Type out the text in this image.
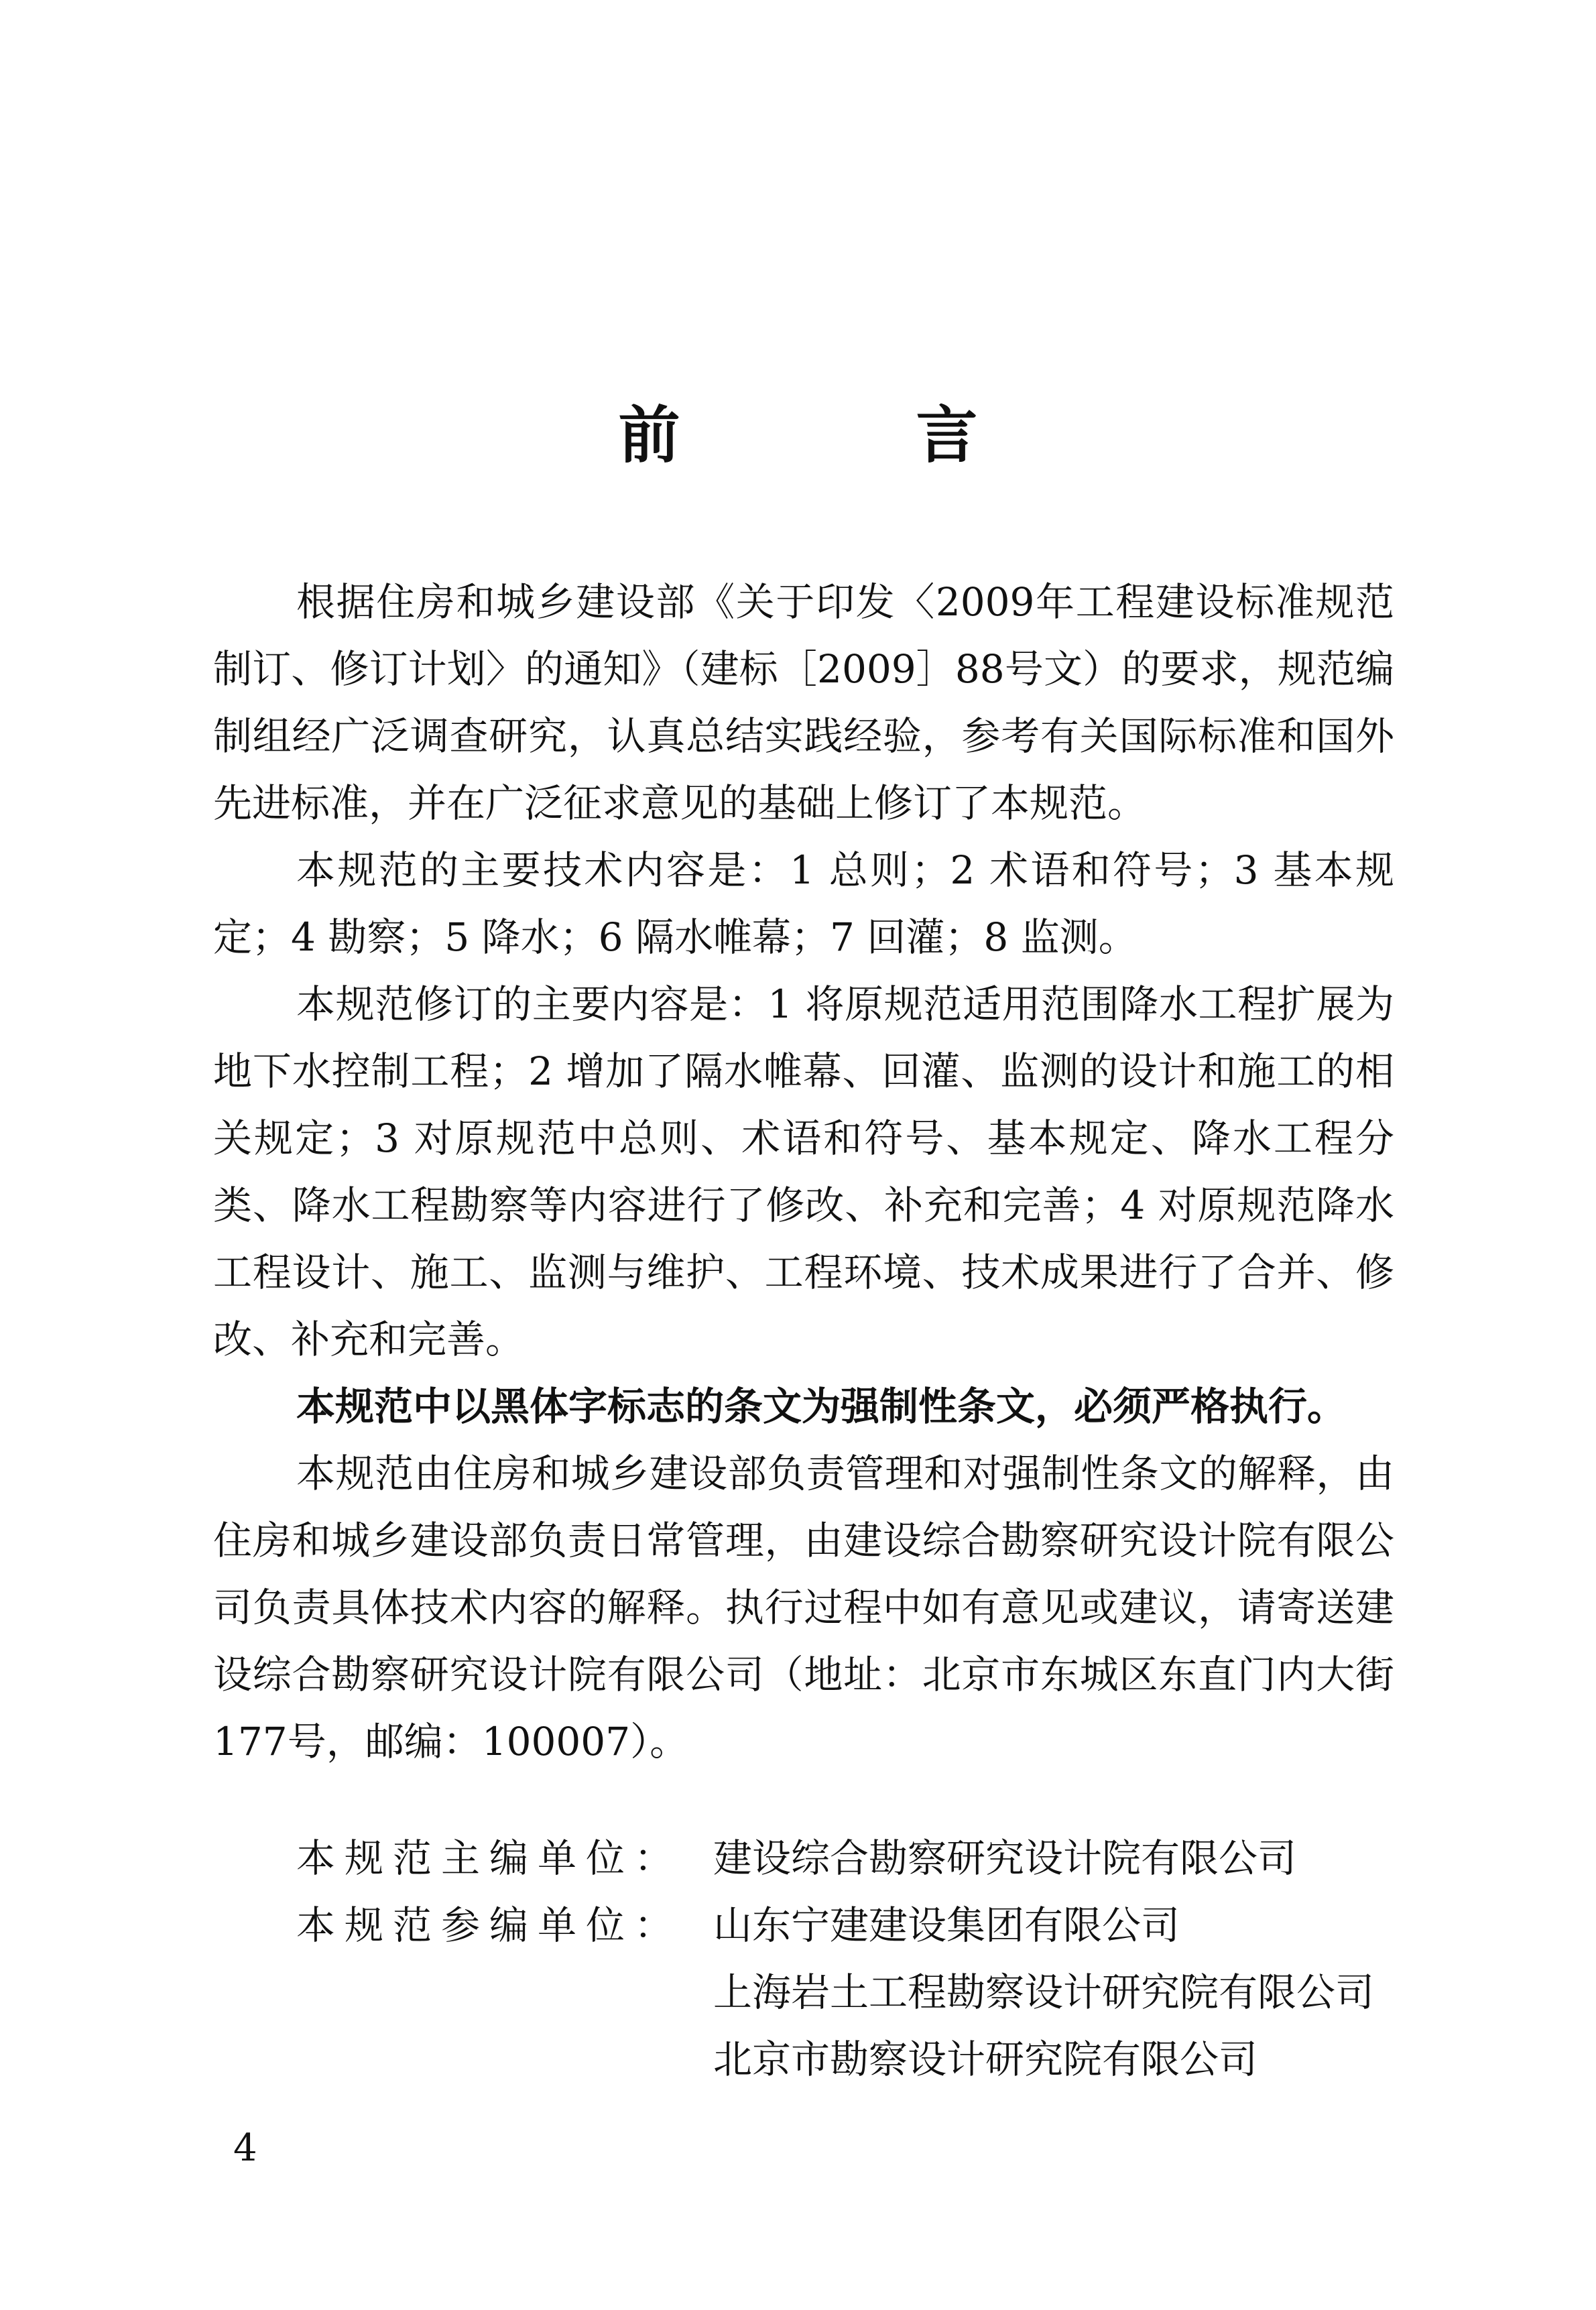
前 言

根据住房和城乡建设部《关于印发〈2009年工程建设标准规范制订、修订计划〉的通知》（建标［2009］88号文）的要求，规范编制组经广泛调查研究，认真总结实践经验，参考有关国际标准和国外先进标准，并在广泛征求意见的基础上修订了本规范。

本规范的主要技术内容是：1 总则；2 术语和符号；3 基本规定；4 勘察；5 降水；6 隔水帷幕；7 回灌；8 监测。

本规范修订的主要内容是：1 将原规范适用范围降水工程扩展为地下水控制工程；2 增加了隔水帷幕、回灌、监测的设计和施工的相关规定；3 对原规范中总则、术语和符号、基本规定、降水工程分类、降水工程勘察等内容进行了修改、补充和完善；4 对原规范降水工程设计、施工、监测与维护、工程环境、技术成果进行了合并、修改、补充和完善。

本规范中以黑体字标志的条文为强制性条文，必须严格执行。

本规范由住房和城乡建设部负责管理和对强制性条文的解释，由住房和城乡建设部负责日常管理，由建设综合勘察研究设计院有限公司负责具体技术内容的解释。执行过程中如有意见或建议，请寄送建设综合勘察研究设计院有限公司（地址：北京市东城区东直门内大街177号，邮编：100007）。

本规范主编单位： 建设综合勘察研究设计院有限公司
本规范参编单位： 山东宁建建设集团有限公司
上海岩土工程勘察设计研究院有限公司
北京市勘察设计研究院有限公司
4
